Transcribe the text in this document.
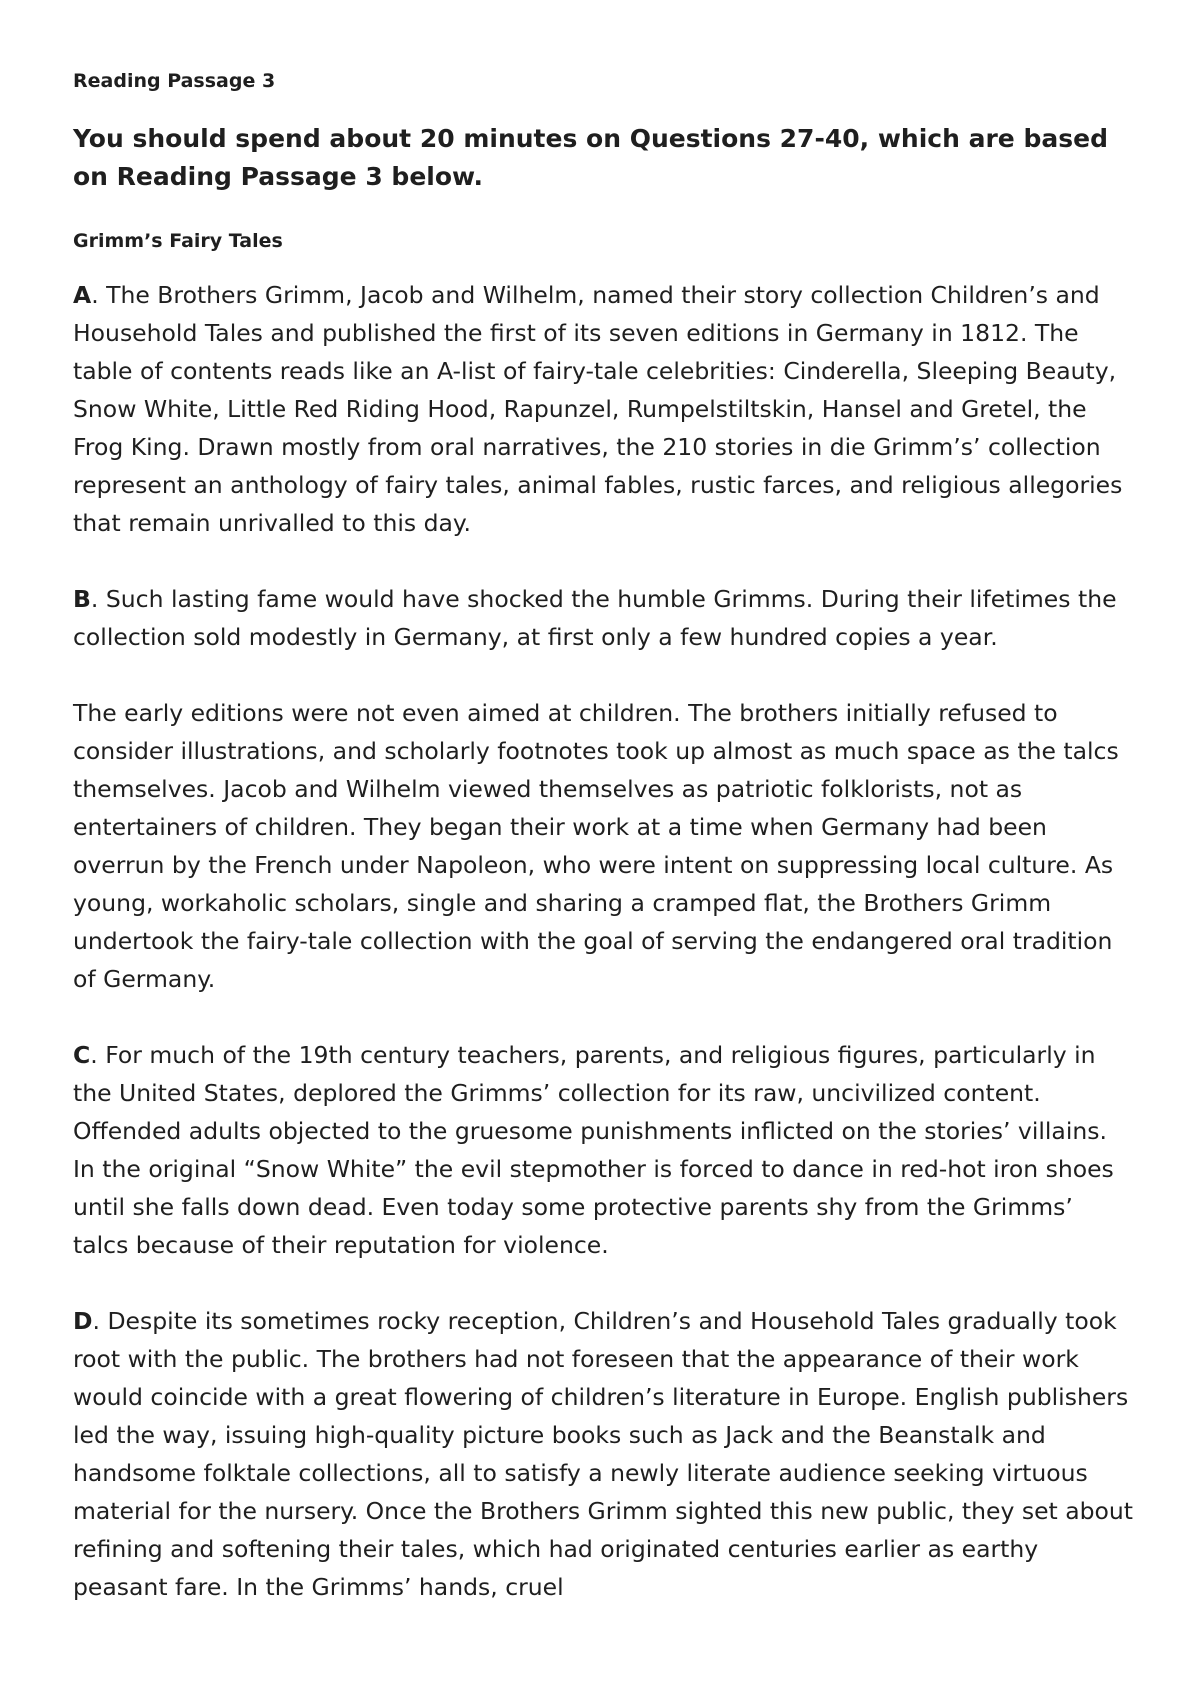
Reading Passage 3
You should spend about 20 minutes on Questions 27-40, which are based on Reading Passage 3 below.
Grimm’s Fairy Tales

A. The Brothers Grimm, Jacob and Wilhelm, named their story collection Children’s and Household Tales and published the first of its seven editions in Germany in 1812. The table of contents reads like an A-list of fairy-tale celebrities: Cinderella, Sleeping Beauty, Snow White, Little Red Riding Hood, Rapunzel, Rumpelstiltskin, Hansel and Gretel, the Frog King. Drawn mostly from oral narratives, the 210 stories in die Grimm’s’ collection represent an anthology of fairy tales, animal fables, rustic farces, and religious allegories that remain unrivalled to this day.

B. Such lasting fame would have shocked the humble Grimms. During their lifetimes the collection sold modestly in Germany, at first only a few hundred copies a year.

The early editions were not even aimed at children. The brothers initially refused to consider illustrations, and scholarly footnotes took up almost as much space as the talcs themselves. Jacob and Wilhelm viewed themselves as patriotic folklorists, not as entertainers of children. They began their work at a time when Germany had been overrun by the French under Napoleon, who were intent on suppressing local culture. As young, workaholic scholars, single and sharing a cramped flat, the Brothers Grimm undertook the fairy-tale collection with the goal of serving the endangered oral tradition of Germany.

C. For much of the 19th century teachers, parents, and religious figures, particularly in the United States, deplored the Grimms’ collection for its raw, uncivilized content. Offended adults objected to the gruesome punishments inflicted on the stories’ villains. In the original “Snow White” the evil stepmother is forced to dance in red-hot iron shoes until she falls down dead. Even today some protective parents shy from the Grimms’ talcs because of their reputation for violence.

D. Despite its sometimes rocky reception, Children’s and Household Tales gradually took root with the public. The brothers had not foreseen that the appearance of their work would coincide with a great flowering of children’s literature in Europe. English publishers led the way, issuing high-quality picture books such as Jack and the Beanstalk and handsome folktale collections, all to satisfy a newly literate audience seeking virtuous material for the nursery. Once the Brothers Grimm sighted this new public, they set about refining and softening their tales, which had originated centuries earlier as earthy peasant fare. In the Grimms’ hands, cruel
